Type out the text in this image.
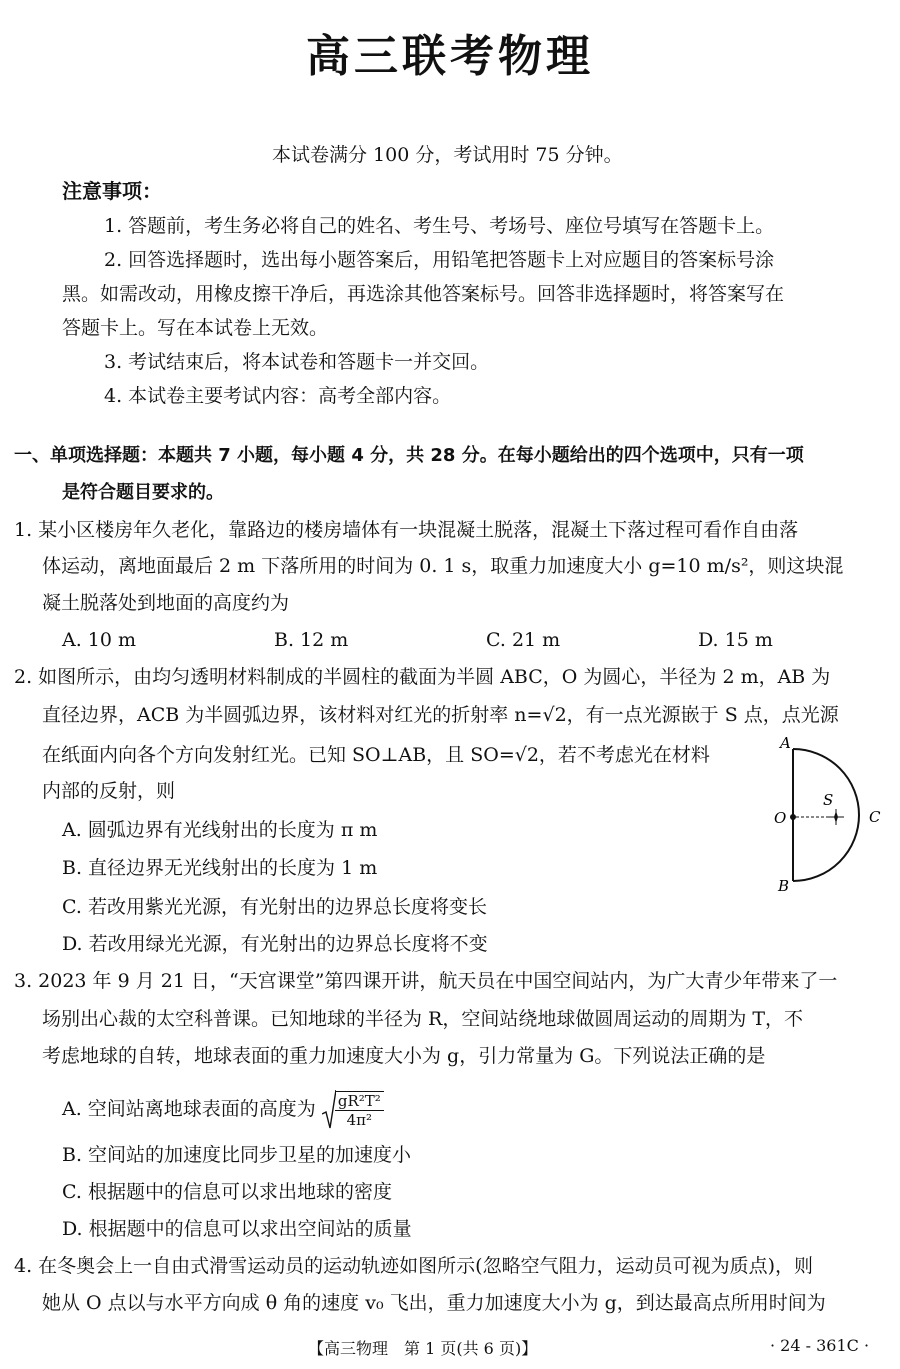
高三联考物理
本试卷满分 100 分，考试用时 75 分钟。
注意事项：
1. 答题前，考生务必将自己的姓名、考生号、考场号、座位号填写在答题卡上。
2. 回答选择题时，选出每小题答案后，用铅笔把答题卡上对应题目的答案标号涂
黑。如需改动，用橡皮擦干净后，再选涂其他答案标号。回答非选择题时，将答案写在
答题卡上。写在本试卷上无效。
3. 考试结束后，将本试卷和答题卡一并交回。
4. 本试卷主要考试内容：高考全部内容。
一、单项选择题：本题共 7 小题，每小题 4 分，共 28 分。在每小题给出的四个选项中，只有一项
是符合题目要求的。
1. 某小区楼房年久老化，靠路边的楼房墙体有一块混凝土脱落，混凝土下落过程可看作自由落
体运动，离地面最后 2 m 下落所用的时间为 0. 1 s，取重力加速度大小 g=10 m/s²，则这块混
凝土脱落处到地面的高度约为
A. 10 m	B. 12 m	C. 21 m	D. 15 m
2. 如图所示，由均匀透明材料制成的半圆柱的截面为半圆 ABC，O 为圆心，半径为 2 m，AB 为
直径边界，ACB 为半圆弧边界，该材料对红光的折射率 n=√2，有一点光源嵌于 S 点，点光源
在纸面内向各个方向发射红光。已知 SO⊥AB，且 SO=√2，若不考虑光在材料
内部的反射，则
A. 圆弧边界有光线射出的长度为 π m
B. 直径边界无光线射出的长度为 1 m
C. 若改用紫光光源，有光射出的边界总长度将变长
D. 若改用绿光光源，有光射出的边界总长度将不变
A
B
C
O
S
3. 2023 年 9 月 21 日，“天宫课堂”第四课开讲，航天员在中国空间站内，为广大青少年带来了一
场别出心裁的太空科普课。已知地球的半径为 R，空间站绕地球做圆周运动的周期为 T，不
考虑地球的自转，地球表面的重力加速度大小为 g，引力常量为 G。下列说法正确的是
A. 空间站离地球表面的高度为 $\frac{\text{gR²T²}}{\text{4π²}}$
B. 空间站的加速度比同步卫星的加速度小
C. 根据题中的信息可以求出地球的密度
D. 根据题中的信息可以求出空间站的质量
4. 在冬奥会上一自由式滑雪运动员的运动轨迹如图所示(忽略空气阻力，运动员可视为质点)，则
她从 O 点以与水平方向成 θ 角的速度 v₀ 飞出，重力加速度大小为 g，到达最高点所用时间为
【高三物理　第 1 页(共 6 页)】	· 24 - 361C ·
